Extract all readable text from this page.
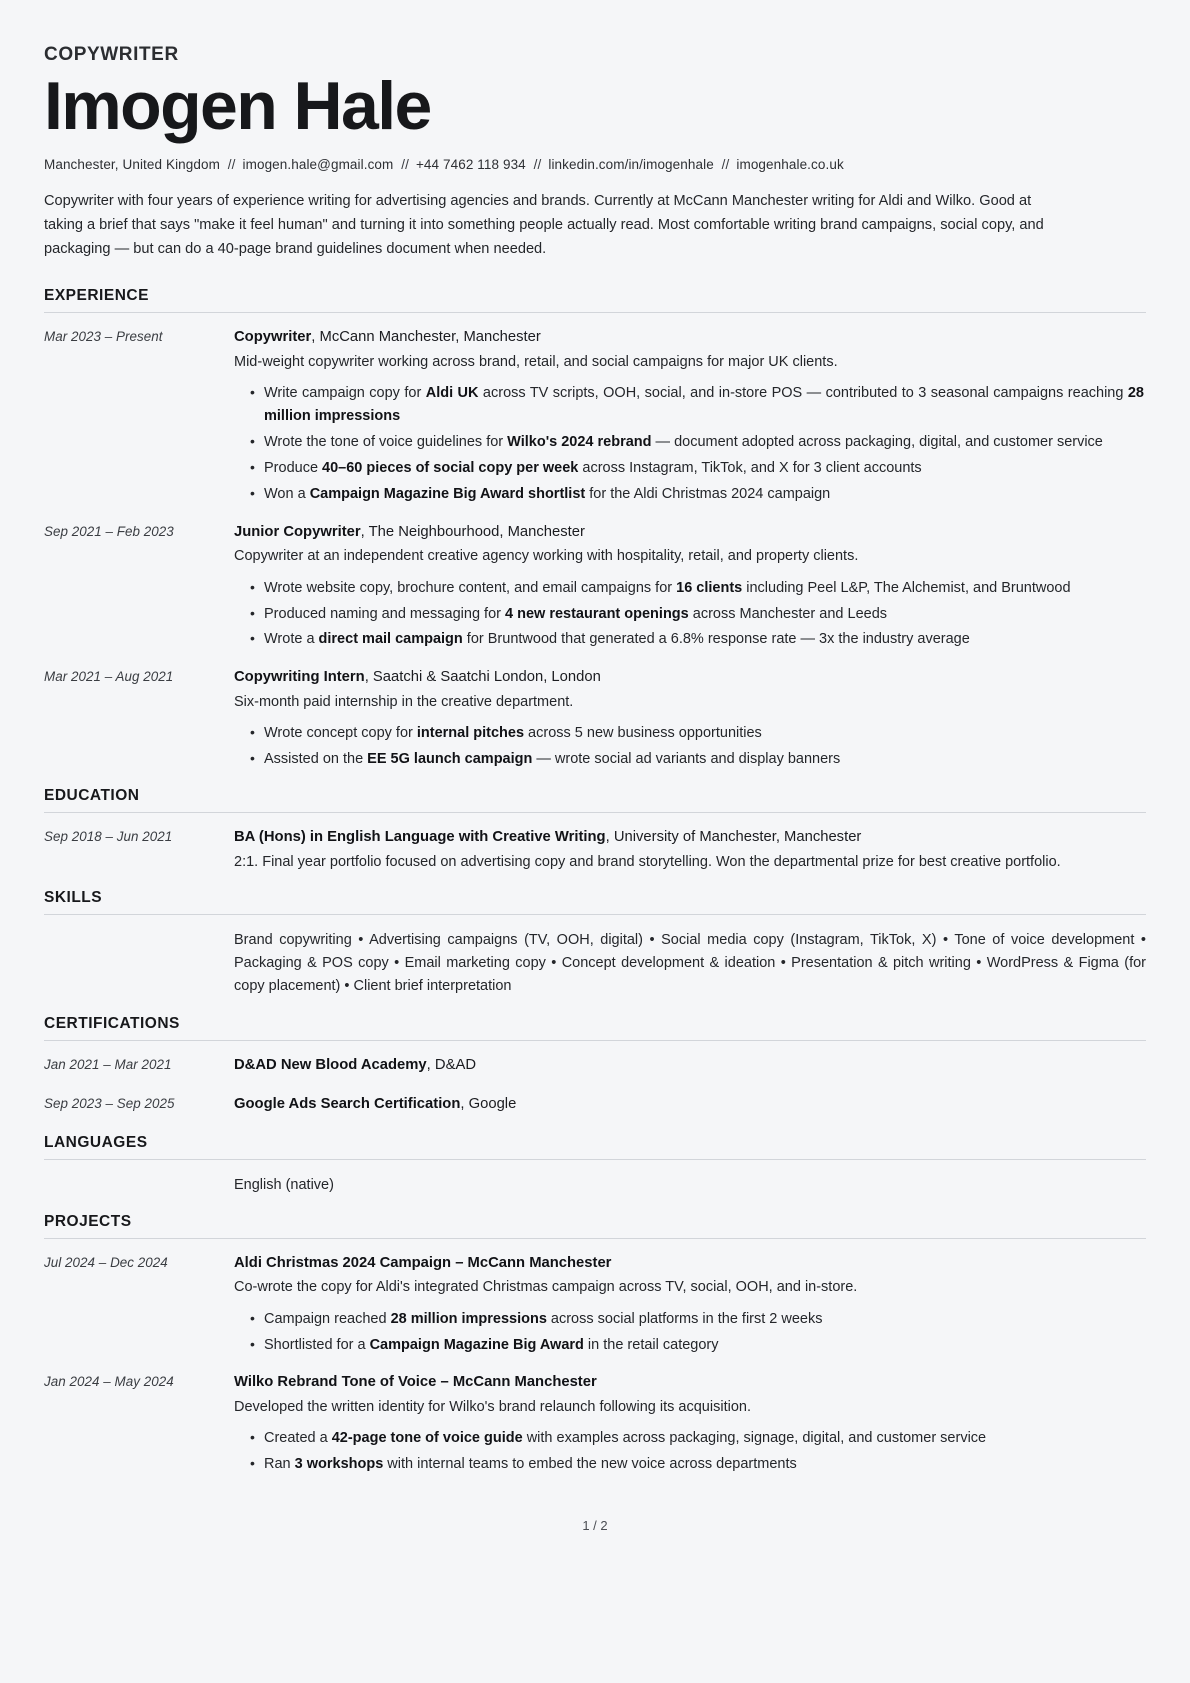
COPYWRITER
Imogen Hale
Manchester, United Kingdom // imogen.hale@gmail.com // +44 7462 118 934 // linkedin.com/in/imogenhale // imogenhale.co.uk

Copywriter with four years of experience writing for advertising agencies and brands. Currently at McCann Manchester writing for Aldi and Wilko. Good at taking a brief that says "make it feel human" and turning it into something people actually read. Most comfortable writing brand campaigns, social copy, and packaging — but can do a 40-page brand guidelines document when needed.

EXPERIENCE
Mar 2023 – Present	Copywriter, McCann Manchester, Manchester
Mid-weight copywriter working across brand, retail, and social campaigns for major UK clients.
• Write campaign copy for Aldi UK across TV scripts, OOH, social, and in-store POS — contributed to 3 seasonal campaigns reaching 28 million impressions
• Wrote the tone of voice guidelines for Wilko's 2024 rebrand — document adopted across packaging, digital, and customer service
• Produce 40–60 pieces of social copy per week across Instagram, TikTok, and X for 3 client accounts
• Won a Campaign Magazine Big Award shortlist for the Aldi Christmas 2024 campaign
Sep 2021 – Feb 2023	Junior Copywriter, The Neighbourhood, Manchester
Copywriter at an independent creative agency working with hospitality, retail, and property clients.
• Wrote website copy, brochure content, and email campaigns for 16 clients including Peel L&P, The Alchemist, and Bruntwood
• Produced naming and messaging for 4 new restaurant openings across Manchester and Leeds
• Wrote a direct mail campaign for Bruntwood that generated a 6.8% response rate — 3x the industry average
Mar 2021 – Aug 2021	Copywriting Intern, Saatchi & Saatchi London, London
Six-month paid internship in the creative department.
• Wrote concept copy for internal pitches across 5 new business opportunities
• Assisted on the EE 5G launch campaign — wrote social ad variants and display banners
EDUCATION
Sep 2018 – Jun 2021	BA (Hons) in English Language with Creative Writing, University of Manchester, Manchester
2:1. Final year portfolio focused on advertising copy and brand storytelling. Won the departmental prize for best creative portfolio.
SKILLS
Brand copywriting • Advertising campaigns (TV, OOH, digital) • Social media copy (Instagram, TikTok, X) • Tone of voice development • Packaging & POS copy • Email marketing copy • Concept development & ideation • Presentation & pitch writing • WordPress & Figma (for copy placement) • Client brief interpretation
CERTIFICATIONS
Jan 2021 – Mar 2021	D&AD New Blood Academy, D&AD
Sep 2023 – Sep 2025	Google Ads Search Certification, Google
LANGUAGES
English (native)
PROJECTS
Jul 2024 – Dec 2024	Aldi Christmas 2024 Campaign – McCann Manchester
Co-wrote the copy for Aldi's integrated Christmas campaign across TV, social, OOH, and in-store.
• Campaign reached 28 million impressions across social platforms in the first 2 weeks
• Shortlisted for a Campaign Magazine Big Award in the retail category
Jan 2024 – May 2024	Wilko Rebrand Tone of Voice – McCann Manchester
Developed the written identity for Wilko's brand relaunch following its acquisition.
• Created a 42-page tone of voice guide with examples across packaging, signage, digital, and customer service
• Ran 3 workshops with internal teams to embed the new voice across departments
1 / 2
